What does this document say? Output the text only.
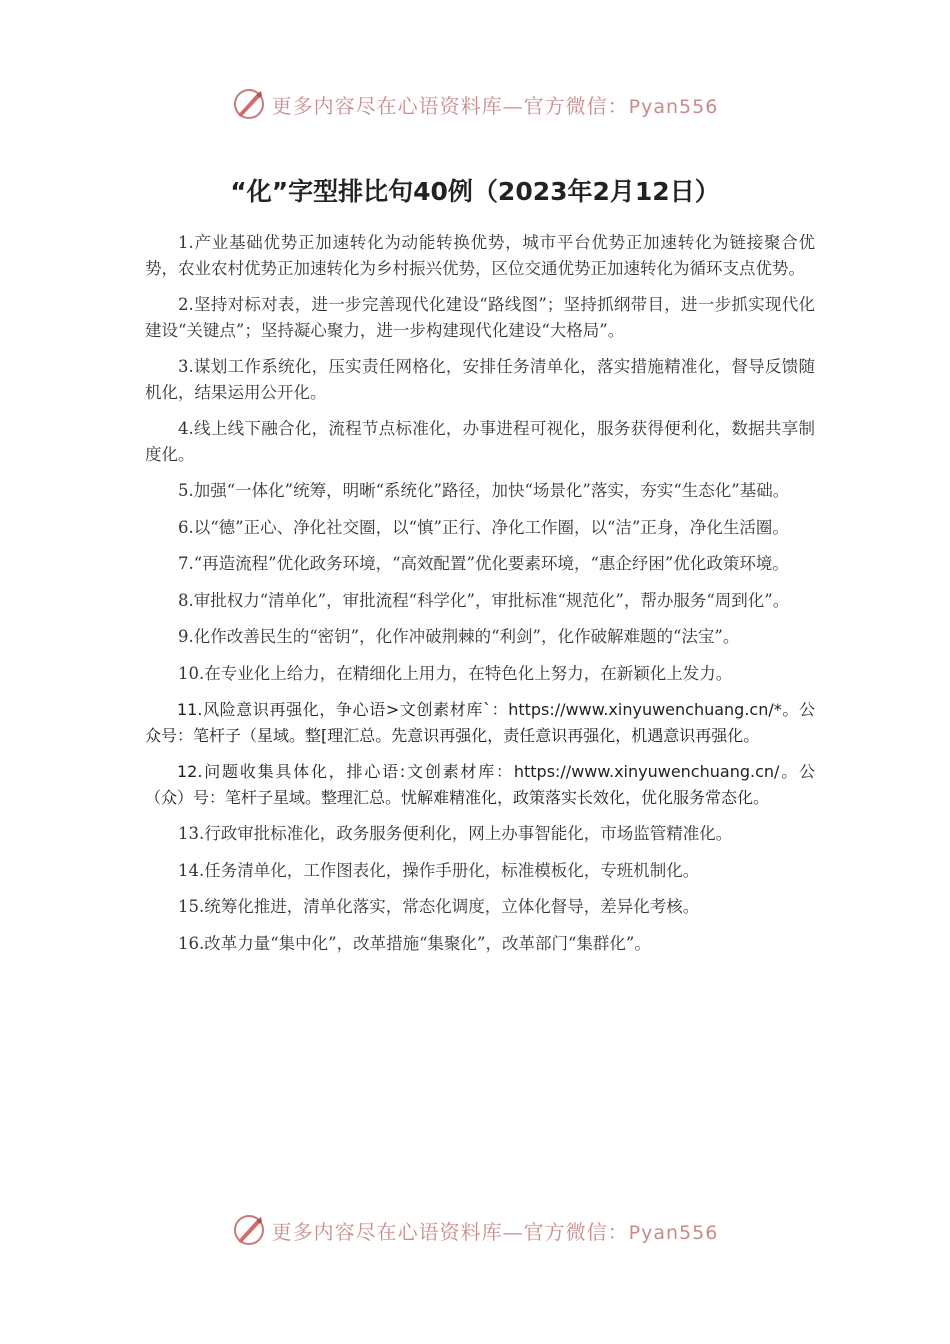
更多内容尽在心语资料库—官方微信：Pyan556
“化”字型排比句40例（2023年2月12日）

1.产业基础优势正加速转化为动能转换优势，城市平台优势正加速转化为链接聚合优势，农业农村优势正加速转化为乡村振兴优势，区位交通优势正加速转化为循环支点优势。

2.坚持对标对表，进一步完善现代化建设“路线图”；坚持抓纲带目，进一步抓实现代化建设“关键点”；坚持凝心聚力，进一步构建现代化建设“大格局”。

3.谋划工作系统化，压实责任网格化，安排任务清单化，落实措施精准化，督导反馈随机化，结果运用公开化。

4.线上线下融合化，流程节点标准化，办事进程可视化，服务获得便利化，数据共享制度化。

5.加强“一体化”统筹，明晰“系统化”路径，加快“场景化”落实，夯实“生态化”基础。

6.以“德”正心、净化社交圈，以“慎”正行、净化工作圈，以“洁”正身，净化生活圈。

7.“再造流程”优化政务环境，“高效配置”优化要素环境，“惠企纾困”优化政策环境。

8.审批权力“清单化”，审批流程“科学化”，审批标准“规范化”，帮办服务“周到化”。

9.化作改善民生的“密钥”，化作冲破荆棘的“利剑”，化作破解难题的“法宝”。

10.在专业化上给力，在精细化上用力，在特色化上努力，在新颖化上发力。

11.风险意识再强化，争心语>文创素材库`：https://www.xinyuwenchuang.cn/*。公众号：笔杆子（星域。整[理汇总。先意识再强化，责任意识再强化，机遇意识再强化。

12.问题收集具体化，排心语:文创素材库：https://www.xinyuwenchuang.cn/。公（众）号：笔杆子星域。整理汇总。忧解难精准化，政策落实长效化，优化服务常态化。

13.行政审批标准化，政务服务便利化，网上办事智能化，市场监管精准化。

14.任务清单化，工作图表化，操作手册化，标准模板化，专班机制化。

15.统筹化推进，清单化落实，常态化调度，立体化督导，差异化考核。

16.改革力量“集中化”，改革措施“集聚化”，改革部门“集群化”。

更多内容尽在心语资料库—官方微信：Pyan556
